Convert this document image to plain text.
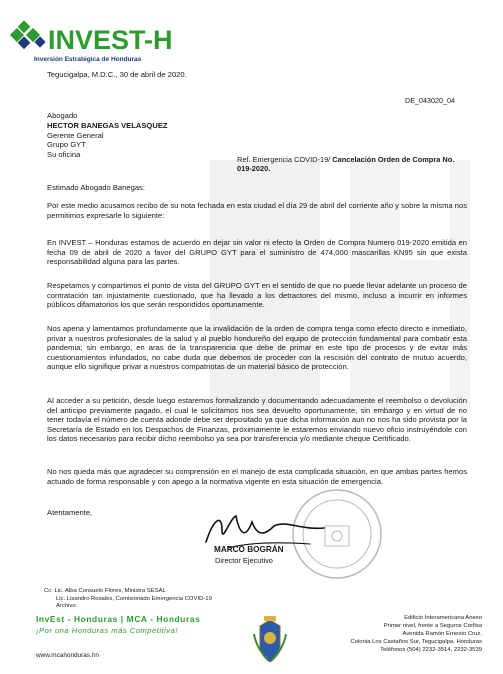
INVEST-H
Inversión Estratégica de Honduras
Tegucigalpa, M.D.C., 30 de abril de 2020.
DE_043020_04
Abogado
HECTOR BANEGAS VELASQUEZ
Gerente General
Grupo GYT
Su oficina
Ref. Emergencia COVID-19/ Cancelación Orden de Compra No. 019-2020.
Estimado Abogado Banegas:
Por este medio acusamos recibo de su nota fechada en esta ciudad el día 29 de abril del corriente año y sobre la misma nos permitimos expresarle lo siguiente:
En INVEST – Honduras estamos de acuerdo en dejar sin valor ni efecto la Orden de Compra Numero 019-2020 emitida en fecha 09 de abril de 2020 a favor del GRUPO GYT para el suministro de 474,000 mascarillas KN95 sin que exista responsabilidad alguna para las partes.
Respetamos y compartimos el punto de vista del GRUPO GYT en el sentido de que no puede llevar adelante un proceso de contratación tan injustamente cuestionado, que ha llevado a los detractores del mismo, incluso a incurrir en informes públicos difamatorios los que serán respondidos oportunamente.
Nos apena y lamentamos profundamente que la invalidación de la orden de compra tenga como efecto directo e inmediato, privar a nuestros profesionales de la salud y al pueblo hondureño del equipo de protección fundamental para combatir esta pandemia; sin embargo, en aras de la transparencia que debe de primar en este tipo de procesos y de evitar más cuestionamientos infundados, no cabe duda que debemos de proceder con la rescisión del contrato de mutuo acuerdo, aunque ello signifique privar a nuestros compatriotas de un material básico de protección.
Al acceder a su petición, desde luego estaremos formalizando y documentando adecuadamente el reembolso o devolución del anticipo previamente pagado, el cual le solicitamos nos sea devuelto oportunamente, sin embargo y en virtud de no tener todavía el número de cuenta adonde debe ser depositado ya que dicha información aun no nos ha sido provista por la Secretaría de Estado en los Despachos de Finanzas, próximamente le estaremos enviando nuevo oficio instruyéndole con los datos necesarios para recibir dicho reembolso ya sea por transferencia y/o mediante cheque Certificado.
No nos queda más que agradecer su comprensión en el manejo de esta complicada situación, en que ambas partes hemos actuado de forma responsable y con apego a la normativa vigente en esta situación de emergencia.
Atentamente,
MARCO BOGRÁN
Director Ejecutivo
Cc: Lic. Alba Consuelo Flores, Ministra SESAL
Lic. Lisandro Rosales, Comisionado Emergencia COVID-19
Archivo.
InvEst - Honduras | MCA - Honduras
¡Por una Honduras más Competitiva!
www.mcahonduras.hn
Edificio Interamericana Anexo
Primer nivel, frente a Seguros Crefisa
Avenida Ramón Ernesto Cruz,
Colonia Los Castaños Sur, Tegucigalpa, Honduras
Teléfonos (504) 2232-3514, 2232-3539
